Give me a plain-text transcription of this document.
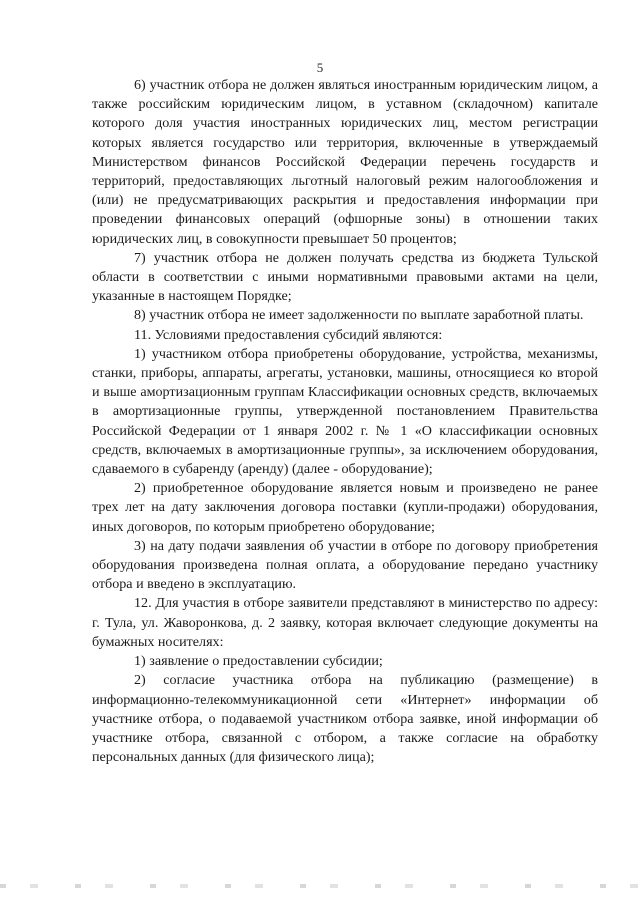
5

6) участник отбора не должен являться иностранным юридическим лицом, а также российским юридическим лицом, в уставном (складочном) капитале которого доля участия иностранных юридических лиц, местом регистрации которых является государство или территория, включенные в утверждаемый Министерством финансов Российской Федерации перечень государств и территорий, предоставляющих льготный налоговый режим налогообложения и (или) не предусматривающих раскрытия и предоставления информации при проведении финансовых операций (офшорные зоны) в отношении таких юридических лиц, в совокупности превышает 50 процентов;

7) участник отбора не должен получать средства из бюджета Тульской области в соответствии с иными нормативными правовыми актами на цели, указанные в настоящем Порядке;

8) участник отбора не имеет задолженности по выплате заработной платы.

11. Условиями предоставления субсидий являются:

1) участником отбора приобретены оборудование, устройства, механизмы, станки, приборы, аппараты, агрегаты, установки, машины, относящиеся ко второй и выше амортизационным группам Классификации основных средств, включаемых в амортизационные группы, утвержденной постановлением Правительства Российской Федерации от 1 января 2002 г. № 1 «О классификации основных средств, включаемых в амортизационные группы», за исключением оборудования, сдаваемого в субаренду (аренду) (далее - оборудование);

2) приобретенное оборудование является новым и произведено не ранее трех лет на дату заключения договора поставки (купли-продажи) оборудования, иных договоров, по которым приобретено оборудование;

3) на дату подачи заявления об участии в отборе по договору приобретения оборудования произведена полная оплата, а оборудование передано участнику отбора и введено в эксплуатацию.

12. Для участия в отборе заявители представляют в министерство по адресу: г. Тула, ул. Жаворонкова, д. 2 заявку, которая включает следующие документы на бумажных носителях:

1) заявление о предоставлении субсидии;

2) согласие участника отбора на публикацию (размещение) в информационно-телекоммуникационной сети «Интернет» информации об участнике отбора, о подаваемой участником отбора заявке, иной информации об участнике отбора, связанной с отбором, а также согласие на обработку персональных данных (для физического лица);
